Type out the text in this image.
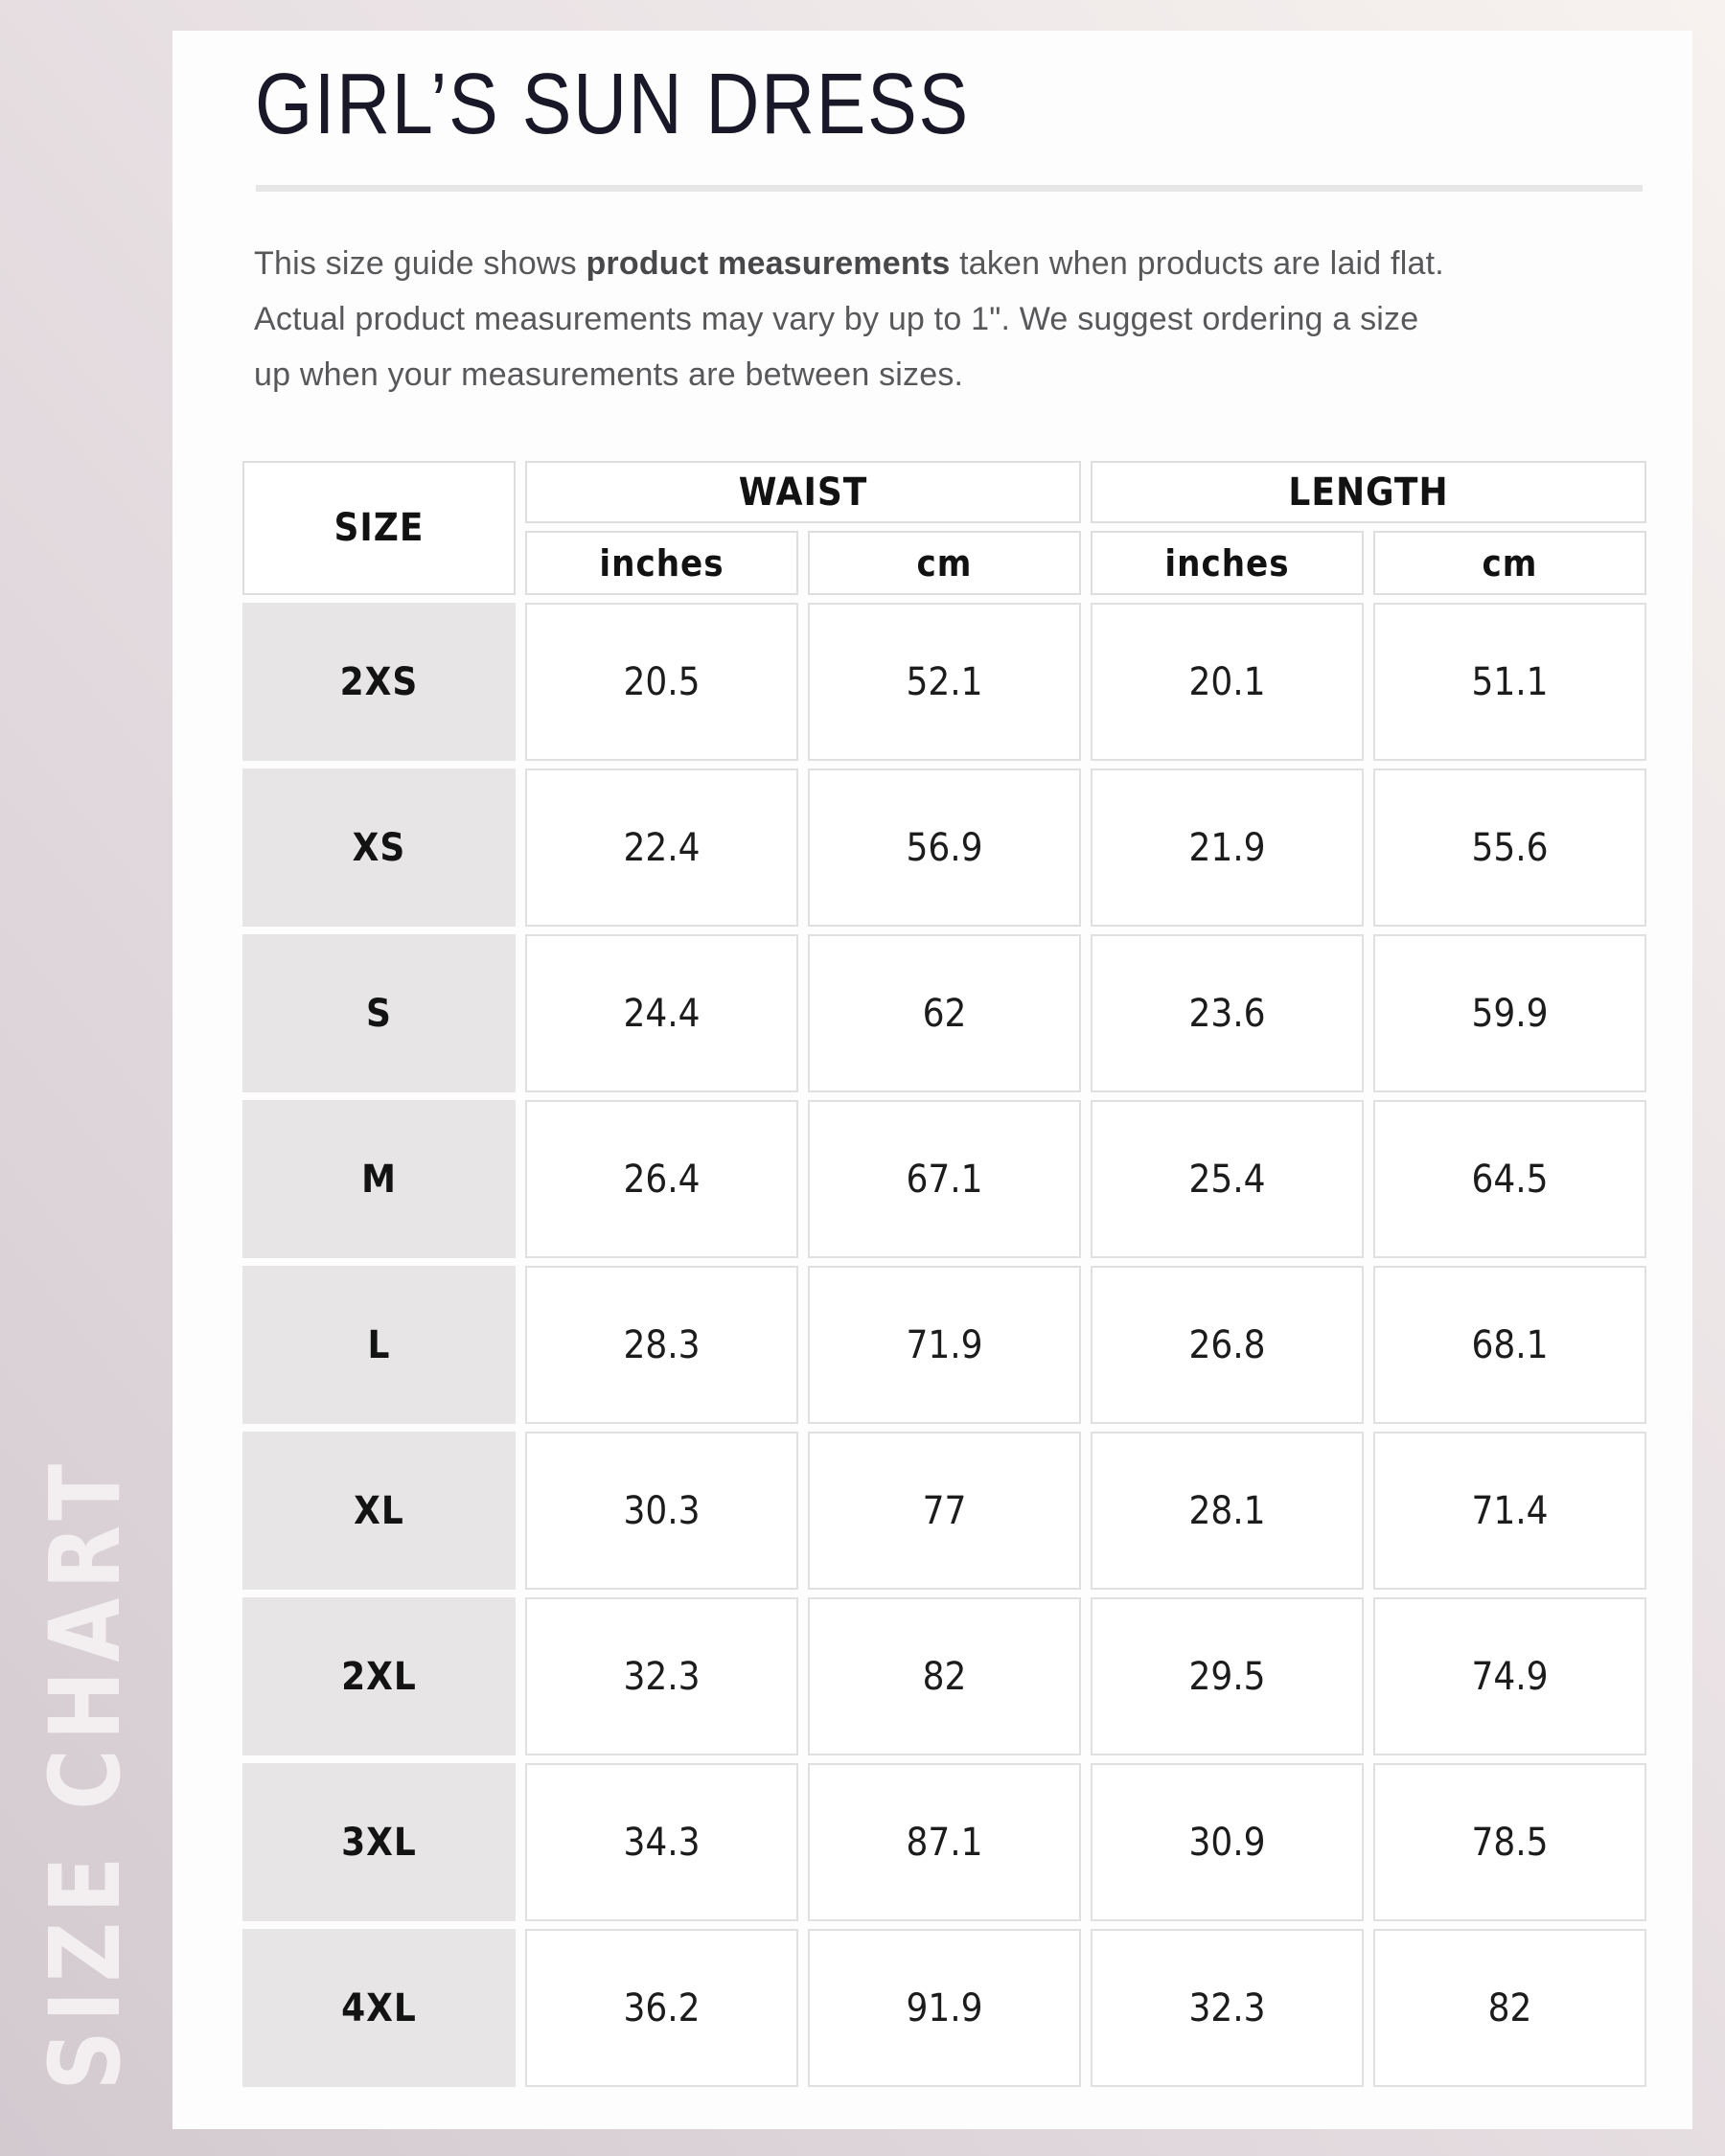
SIZE CHART
GIRL’S SUN DRESS
This size guide shows product measurements taken when products are laid flat.
Actual product measurements may vary by up to 1". We suggest ordering a size
up when your measurements are between sizes.
SIZE
WAIST	LENGTH
inches	cm	inches	cm
2XS	20.5	52.1	20.1	51.1
XS	22.4	56.9	21.9	55.6
S	24.4	62	23.6	59.9
M	26.4	67.1	25.4	64.5
L	28.3	71.9	26.8	68.1
XL	30.3	77	28.1	71.4
2XL	32.3	82	29.5	74.9
3XL	34.3	87.1	30.9	78.5
4XL	36.2	91.9	32.3	82
